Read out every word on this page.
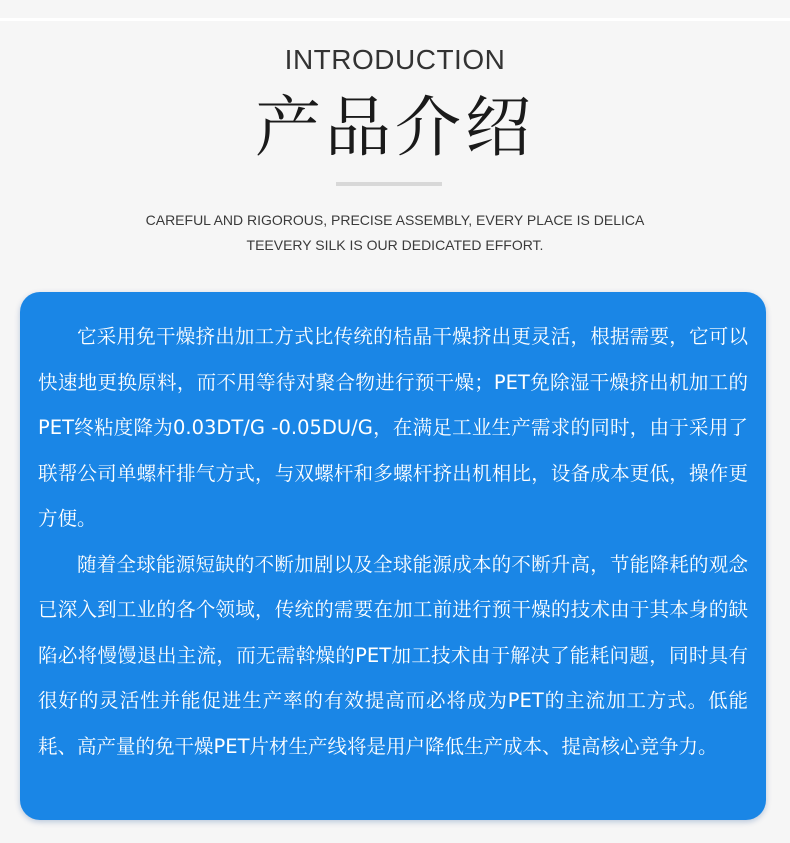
INTRODUCTION
产品介绍
CAREFUL AND RIGOROUS, PRECISE ASSEMBLY, EVERY PLACE IS DELICA
TEEVERY SILK IS OUR DEDICATED EFFORT.

它采用免干燥挤出加工方式比传统的桔晶干燥挤出更灵活，根据需要，它可以快速地更换原料，而不用等待对聚合物进行预干燥；PET免除湿干燥挤出机加工的PET终粘度降为0.03DT/G -0.05DU/G，在满足工业生产需求的同时，由于采用了联帮公司单螺杆排气方式，与双螺杆和多螺杆挤出机相比，设备成本更低，操作更方便。

随着全球能源短缺的不断加剧以及全球能源成本的不断升高，节能降耗的观念已深入到工业的各个领域，传统的需要在加工前进行预干燥的技术由于其本身的缺陷必将慢馒退出主流，而无需斡燥的PET加工技术由于解决了能耗问题，同时具有很好的灵活性并能促进生产率的有效提高而必将成为PET的主流加工方式。低能耗、高产量的免干燥PET片材生产线将是用户降低生产成本、提高核心竞争力。
